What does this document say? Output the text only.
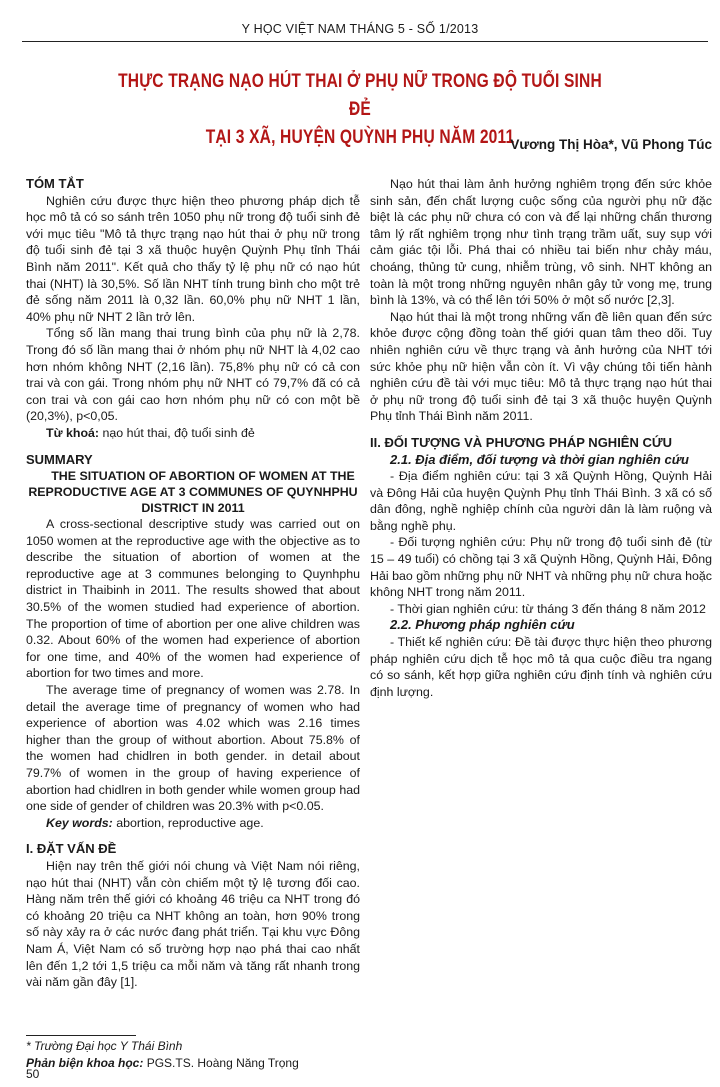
Y HỌC VIỆT NAM THÁNG 5 - SỐ 1/2013
THỰC TRẠNG NẠO HÚT THAI Ở PHỤ NỮ TRONG ĐỘ TUỔI SINH ĐẺ
TẠI 3 XÃ, HUYỆN QUỲNH PHỤ NĂM 2011
Vương Thị Hòa*, Vũ Phong Túc

TÓM TẮT

Nghiên cứu được thực hiện theo phương pháp dịch tễ học mô tả có so sánh trên 1050 phụ nữ trong độ tuổi sinh đẻ với mục tiêu "Mô tả thực trạng nạo hút thai ở phụ nữ trong độ tuổi sinh đẻ tại 3 xã thuộc huyện Quỳnh Phụ tỉnh Thái Bình năm 2011". Kết quả cho thấy tỷ lệ phụ nữ có nạo hút thai (NHT) là 30,5%. Số lần NHT tính trung bình cho một trẻ đẻ sống năm 2011 là 0,32 lần. 60,0% phụ nữ NHT 1 lần, 40% phụ nữ NHT 2 lần trở lên.

Tổng số lần mang thai trung bình của phụ nữ là 2,78. Trong đó số lần mang thai ở nhóm phụ nữ NHT là 4,02 cao hơn nhóm không NHT (2,16 lần). 75,8% phụ nữ có cả con trai và con gái. Trong nhóm phụ nữ NHT có 79,7% đã có cả con trai và con gái cao hơn nhóm phụ nữ có con một bề (20,3%), p<0,05.

Từ khoá: nạo hút thai, độ tuổi sinh đẻ

SUMMARY

THE SITUATION OF ABORTION OF WOMEN AT THE REPRODUCTIVE AGE AT 3 COMMUNES OF QUYNHPHU DISTRICT IN 2011

A cross-sectional descriptive study was carried out on 1050 women at the reproductive age with the objective as to describe the situation of abortion of women at the reproductive age at 3 communes belonging to Quynhphu district in Thaibinh in 2011. The results showed that about 30.5% of the women studied had experience of abortion. The proportion of time of abortion per one alive children was 0.32. About 60% of the women had experience of abortion for one time, and 40% of the women had experience of abortion for two times and more.

The average time of pregnancy of women was 2.78. In detail the average time of pregnancy of women who had experience of abortion was 4.02 which was 2.16 times higher than the group of without abortion. About 75.8% of the women had chidlren in both gender. in detail about 79.7% of women in the group of having experience of abortion had chidlren in both gender while women group had one side of gender of children was 20.3% with p<0.05.

Key words: abortion, reproductive age.

I. ĐẶT VẤN ĐỀ

Hiện nay trên thế giới nói chung và Việt Nam nói riêng, nạo hút thai (NHT) vẫn còn chiếm một tỷ lệ tương đối cao. Hàng năm trên thế giới có khoảng 46 triệu ca NHT trong đó có khoảng 20 triệu ca NHT không an toàn, hơn 90% trong số này xảy ra ở các nước đang phát triển. Tại khu vực Đông Nam Á, Việt Nam có số trường hợp nạo phá thai cao nhất lên đến 1,2 tới 1,5 triệu ca mỗi năm và tăng rất nhanh trong vài năm gần đây [1].

Nạo hút thai làm ảnh hưởng nghiêm trọng đến sức khỏe sinh sản, đến chất lượng cuộc sống của người phụ nữ đặc biệt là các phụ nữ chưa có con và để lại những chấn thương tâm lý rất nghiêm trọng như tình trạng trầm uất, suy sụp với cảm giác tội lỗi. Phá thai có nhiều tai biến như chảy máu, choáng, thủng tử cung, nhiễm trùng, vô sinh. NHT không an toàn là một trong những nguyên nhân gây tử vong mẹ, trung bình là 13%, và có thể lên tới 50% ở một số nước [2,3].

Nạo hút thai là một trong những vấn đề liên quan đến sức khỏe được cộng đồng toàn thế giới quan tâm theo dõi. Tuy nhiên nghiên cứu về thực trạng và ảnh hưởng của NHT tới sức khỏe phụ nữ hiện vẫn còn ít. Vì vậy chúng tôi tiến hành nghiên cứu đề tài với mục tiêu: Mô tả thực trạng nạo hút thai ở phụ nữ trong độ tuổi sinh đẻ tại 3 xã thuộc huyện Quỳnh Phụ tỉnh Thái Bình năm 2011.

II. ĐỐI TƯỢNG VÀ PHƯƠNG PHÁP NGHIÊN CỨU

2.1. Địa điểm, đối tượng và thời gian nghiên cứu

- Địa điểm nghiên cứu: tại 3 xã Quỳnh Hồng, Quỳnh Hải và Đông Hải của huyện Quỳnh Phụ tỉnh Thái Bình. 3 xã có số dân đông, nghề nghiệp chính của người dân là làm ruộng và bằng nghề phụ.

- Đối tượng nghiên cứu: Phụ nữ trong độ tuổi sinh đẻ (từ 15 – 49 tuổi) có chồng tại 3 xã Quỳnh Hồng, Quỳnh Hải, Đông Hải bao gồm những phụ nữ NHT và những phụ nữ chưa hoặc không NHT trong năm 2011.

- Thời gian nghiên cứu: từ tháng 3 đến tháng 8 năm 2012

2.2. Phương pháp nghiên cứu

- Thiết kế nghiên cứu: Đề tài được thực hiện theo phương pháp nghiên cứu dịch tễ học mô tả qua cuộc điều tra ngang có so sánh, kết hợp giữa nghiên cứu định tính và nghiên cứu định lượng.

* Trường Đại học Y Thái Bình
Phản biện khoa học: PGS.TS. Hoàng Năng Trọng
50
